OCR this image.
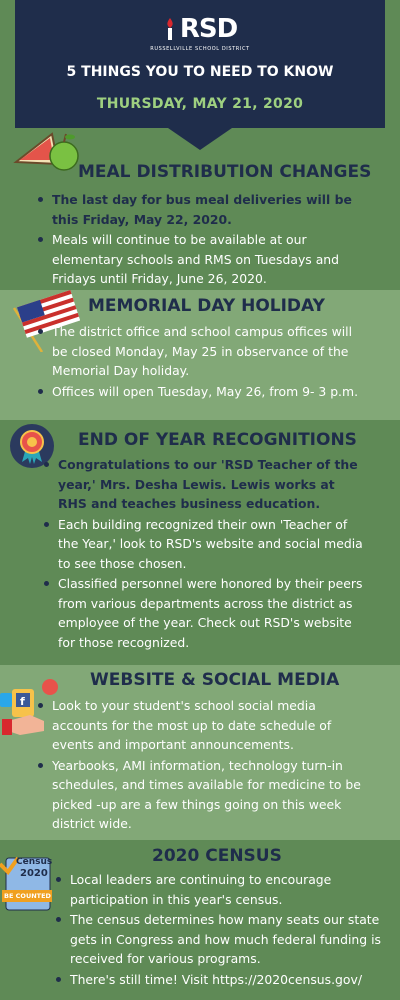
RSD
RUSSELLVILLE SCHOOL DISTRICT
5 THINGS YOU TO NEED TO KNOW
THURSDAY, MAY 21, 2020
MEAL DISTRIBUTION CHANGES
The last day for bus meal deliveries will be this Friday, May 22, 2020.
Meals will continue to be available at our elementary schools and RMS on Tuesdays and Fridays until Friday, June 26, 2020.
MEMORIAL DAY HOLIDAY
The district office and school campus offices will be closed Monday, May 25 in observance of the Memorial Day holiday.
Offices will open Tuesday, May 26, from 9- 3 p.m.
END OF YEAR RECOGNITIONS
Congratulations to our 'RSD Teacher of the year,' Mrs. Desha Lewis. Lewis works at RHS and teaches business education.
Each building recognized their own 'Teacher of the Year,' look to RSD's website and social media to see those chosen.
Classified personnel were honored by their peers from various departments across the district as employee of the year. Check out RSD's website for those recognized.
f
WEBSITE & SOCIAL MEDIA
Look to your student's school social media accounts for the most up to date schedule of events and important announcements.
Yearbooks, AMI information, technology turn-in schedules, and times available for medicine to be picked -up are a few things going on this week district wide.
Census
2020
BE COUNTED
2020 CENSUS
Local leaders are continuing to encourage participation in this year's census.
The census determines how many seats our state gets in Congress and how much federal funding is received for various programs.
There's still time! Visit https://2020census.gov/
